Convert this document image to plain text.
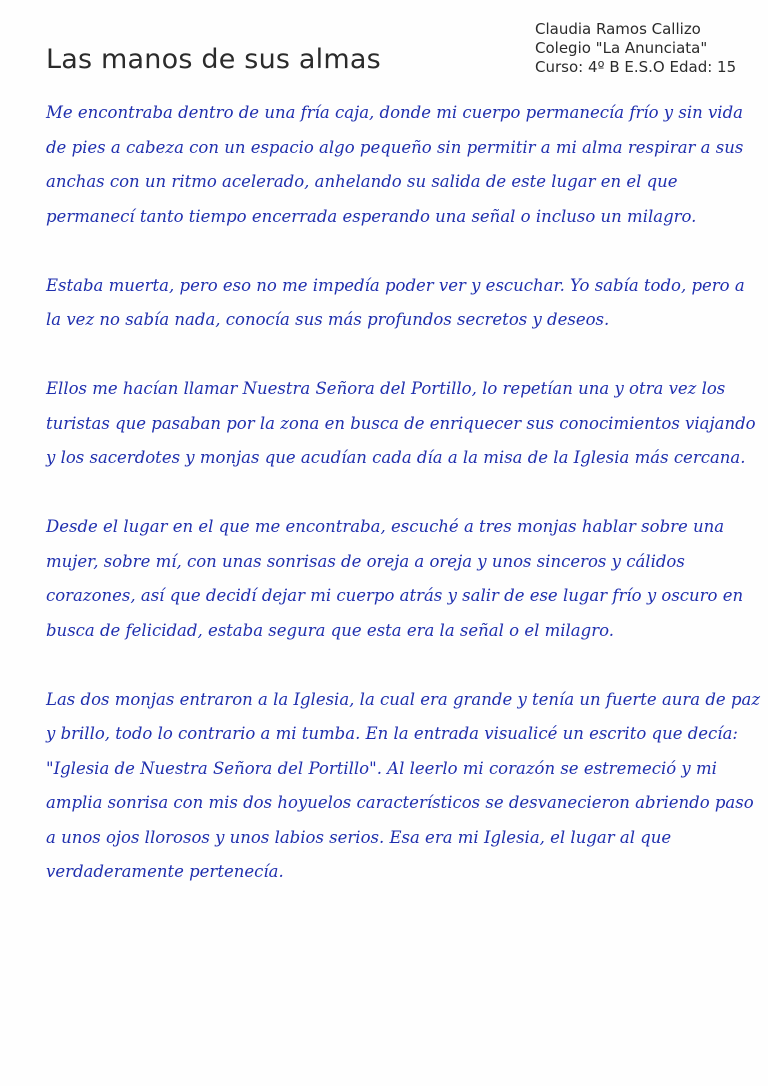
Las manos de sus almas
Claudia Ramos Callizo
Colegio "La Anunciata"
Curso: 4º B E.S.O Edad: 15

Me encontraba dentro de una fría caja, donde mi cuerpo permanecía frío y sin vida de pies a cabeza con un espacio algo pequeño sin permitir a mi alma respirar a sus anchas con un ritmo acelerado, anhelando su salida de este lugar en el que permanecí tanto tiempo encerrada esperando una señal o incluso un milagro.

Estaba muerta, pero eso no me impedía poder ver y escuchar. Yo sabía todo, pero a la vez no sabía nada, conocía sus más profundos secretos y deseos.

Ellos me hacían llamar Nuestra Señora del Portillo, lo repetían una y otra vez los turistas que pasaban por la zona en busca de enriquecer sus conocimientos viajando y los sacerdotes y monjas que acudían cada día a la misa de la Iglesia más cercana.

Desde el lugar en el que me encontraba, escuché a tres monjas hablar sobre una mujer, sobre mí, con unas sonrisas de oreja a oreja y unos sinceros y cálidos corazones, así que decidí dejar mi cuerpo atrás y salir de ese lugar frío y oscuro en busca de felicidad, estaba segura que esta era la señal o el milagro.

Las dos monjas entraron a la Iglesia, la cual era grande y tenía un fuerte aura de paz y brillo, todo lo contrario a mi tumba. En la entrada visualicé un escrito que decía: "Iglesia de Nuestra Señora del Portillo". Al leerlo mi corazón se estremeció y mi amplia sonrisa con mis dos hoyuelos característicos se desvanecieron abriendo paso a unos ojos llorosos y unos labios serios. Esa era mi Iglesia, el lugar al que verdaderamente pertenecía.
